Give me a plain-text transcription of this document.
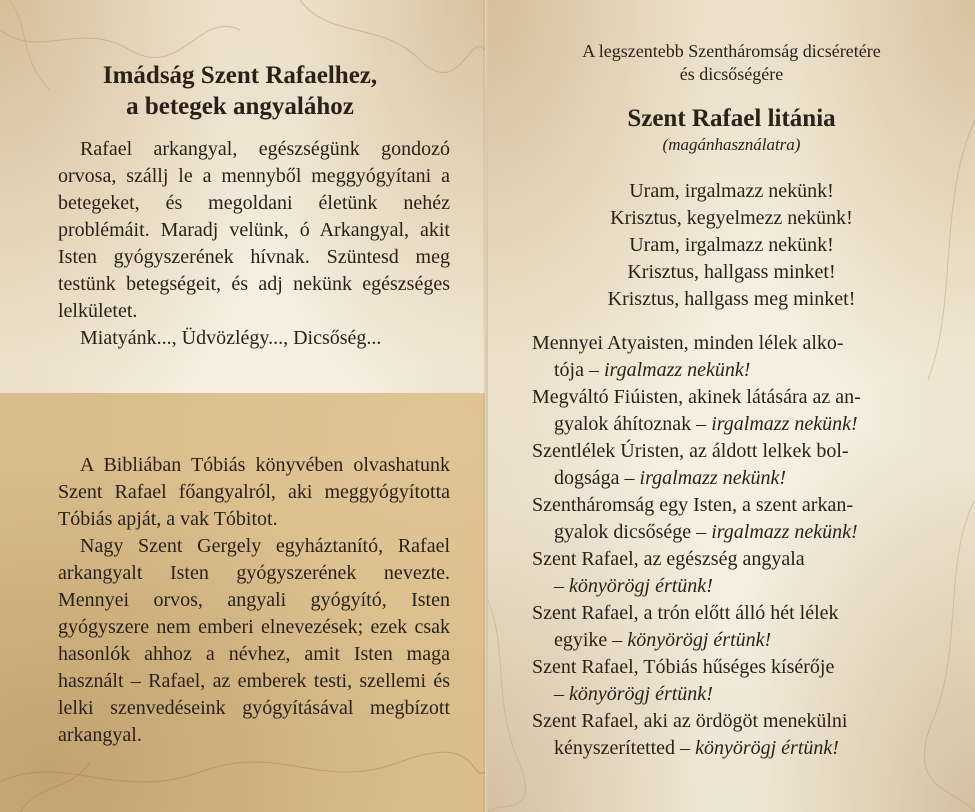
Imádság Szent Rafaelhez,
a betegek angyalához

Rafael arkangyal, egészségünk gondozó orvosa, szállj le a mennyből meggyógyítani a betegeket, és megoldani életünk nehéz problémáit. Maradj velünk, ó Arkangyal, akit Isten gyógyszerének hívnak. Szüntesd meg testünk betegségeit, és adj nekünk egészséges lelkületet.

Miatyánk..., Üdvözlégy..., Dicsőség...

A Bibliában Tóbiás könyvében olvashatunk Szent Rafael főangyalról, aki meggyógyította Tóbiás apját, a vak Tóbitot.

Nagy Szent Gergely egyháztanító, Rafael arkangyalt Isten gyógyszerének nevezte. Mennyei orvos, angyali gyógyító, Isten gyógyszere nem emberi elnevezések; ezek csak hasonlók ahhoz a névhez, amit Isten maga használt – Rafael, az emberek testi, szellemi és lelki szenvedéseink gyógyításával megbízott arkangyal.

A legszentebb Szentháromság dicséretére
és dicsőségére
Szent Rafael litánia
(magánhasználatra)
Uram, irgalmazz nekünk!
Krisztus, kegyelmezz nekünk!
Uram, irgalmazz nekünk!
Krisztus, hallgass minket!
Krisztus, hallgass meg minket!
Mennyei Atyaisten, minden lélek alko-
tója – irgalmazz nekünk!
Megváltó Fiúisten, akinek látására az an-
gyalok áhítoznak – irgalmazz nekünk!
Szentlélek Úristen, az áldott lelkek bol-
dogsága – irgalmazz nekünk!
Szentháromság egy Isten, a szent arkan-
gyalok dicsősége – irgalmazz nekünk!
Szent Rafael, az egészség angyala
– könyörögj értünk!
Szent Rafael, a trón előtt álló hét lélek
egyike – könyörögj értünk!
Szent Rafael, Tóbiás hűséges kísérője
– könyörögj értünk!
Szent Rafael, aki az ördögöt menekülni
kényszerítetted – könyörögj értünk!
